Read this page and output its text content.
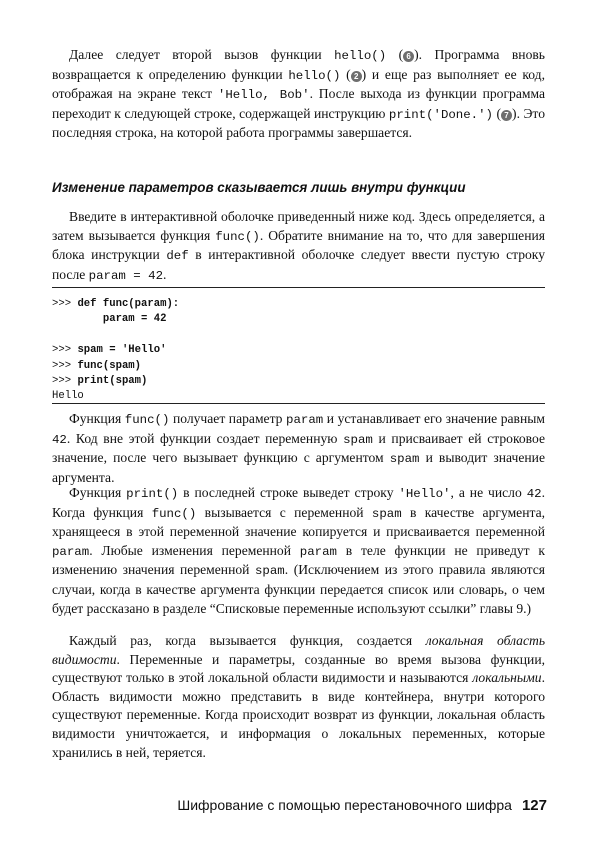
Далее следует второй вызов функции hello() ( 6 ). Программа вновь возвращается к определению функции hello() ( 2 ) и еще раз выполняет ее код, отображая на экране текст 'Hello, Bob'. После выхода из функции программа переходит к следующей строке, содержащей инструкцию print('Done.') ( 7 ). Это последняя строка, на которой работа программы завершается.

Изменение параметров сказывается лишь внутри функции

Введите в интерактивной оболочке приведенный ниже код. Здесь определяется, а затем вызывается функция func(). Обратите внимание на то, что для завершения блока инструкции def в интерактивной оболочке следует ввести пустую строку после param = 42.

>>> def func(param):
param = 42

>>> spam = 'Hello'
>>> func(spam)
>>> print(spam)
Hello

Функция func() получает параметр param и устанавливает его значение равным 42. Код вне этой функции создает переменную spam и присваивает ей строковое значение, после чего вызывает функцию с аргументом spam и выводит значение аргумента.

Функция print() в последней строке выведет строку 'Hello', а не число 42. Когда функция func() вызывается с переменной spam в качестве аргумента, хранящееся в этой переменной значение копируется и присваивается переменной param. Любые изменения переменной param в теле функции не приведут к изменению значения переменной spam. (Исключением из этого правила являются случаи, когда в качестве аргумента функции передается список или словарь, о чем будет рассказано в разделе “Списковые переменные используют ссылки” главы 9.)

Каждый раз, когда вызывается функция, создается локальная область видимости. Переменные и параметры, созданные во время вызова функции, существуют только в этой локальной области видимости и называются локальными. Область видимости можно представить в виде контейнера, внутри которого существуют переменные. Когда происходит возврат из функции, локальная область видимости уничтожается, и информация о локальных переменных, которые хранились в ней, теряется.

Шифрование с помощью перестановочного шифра 127
